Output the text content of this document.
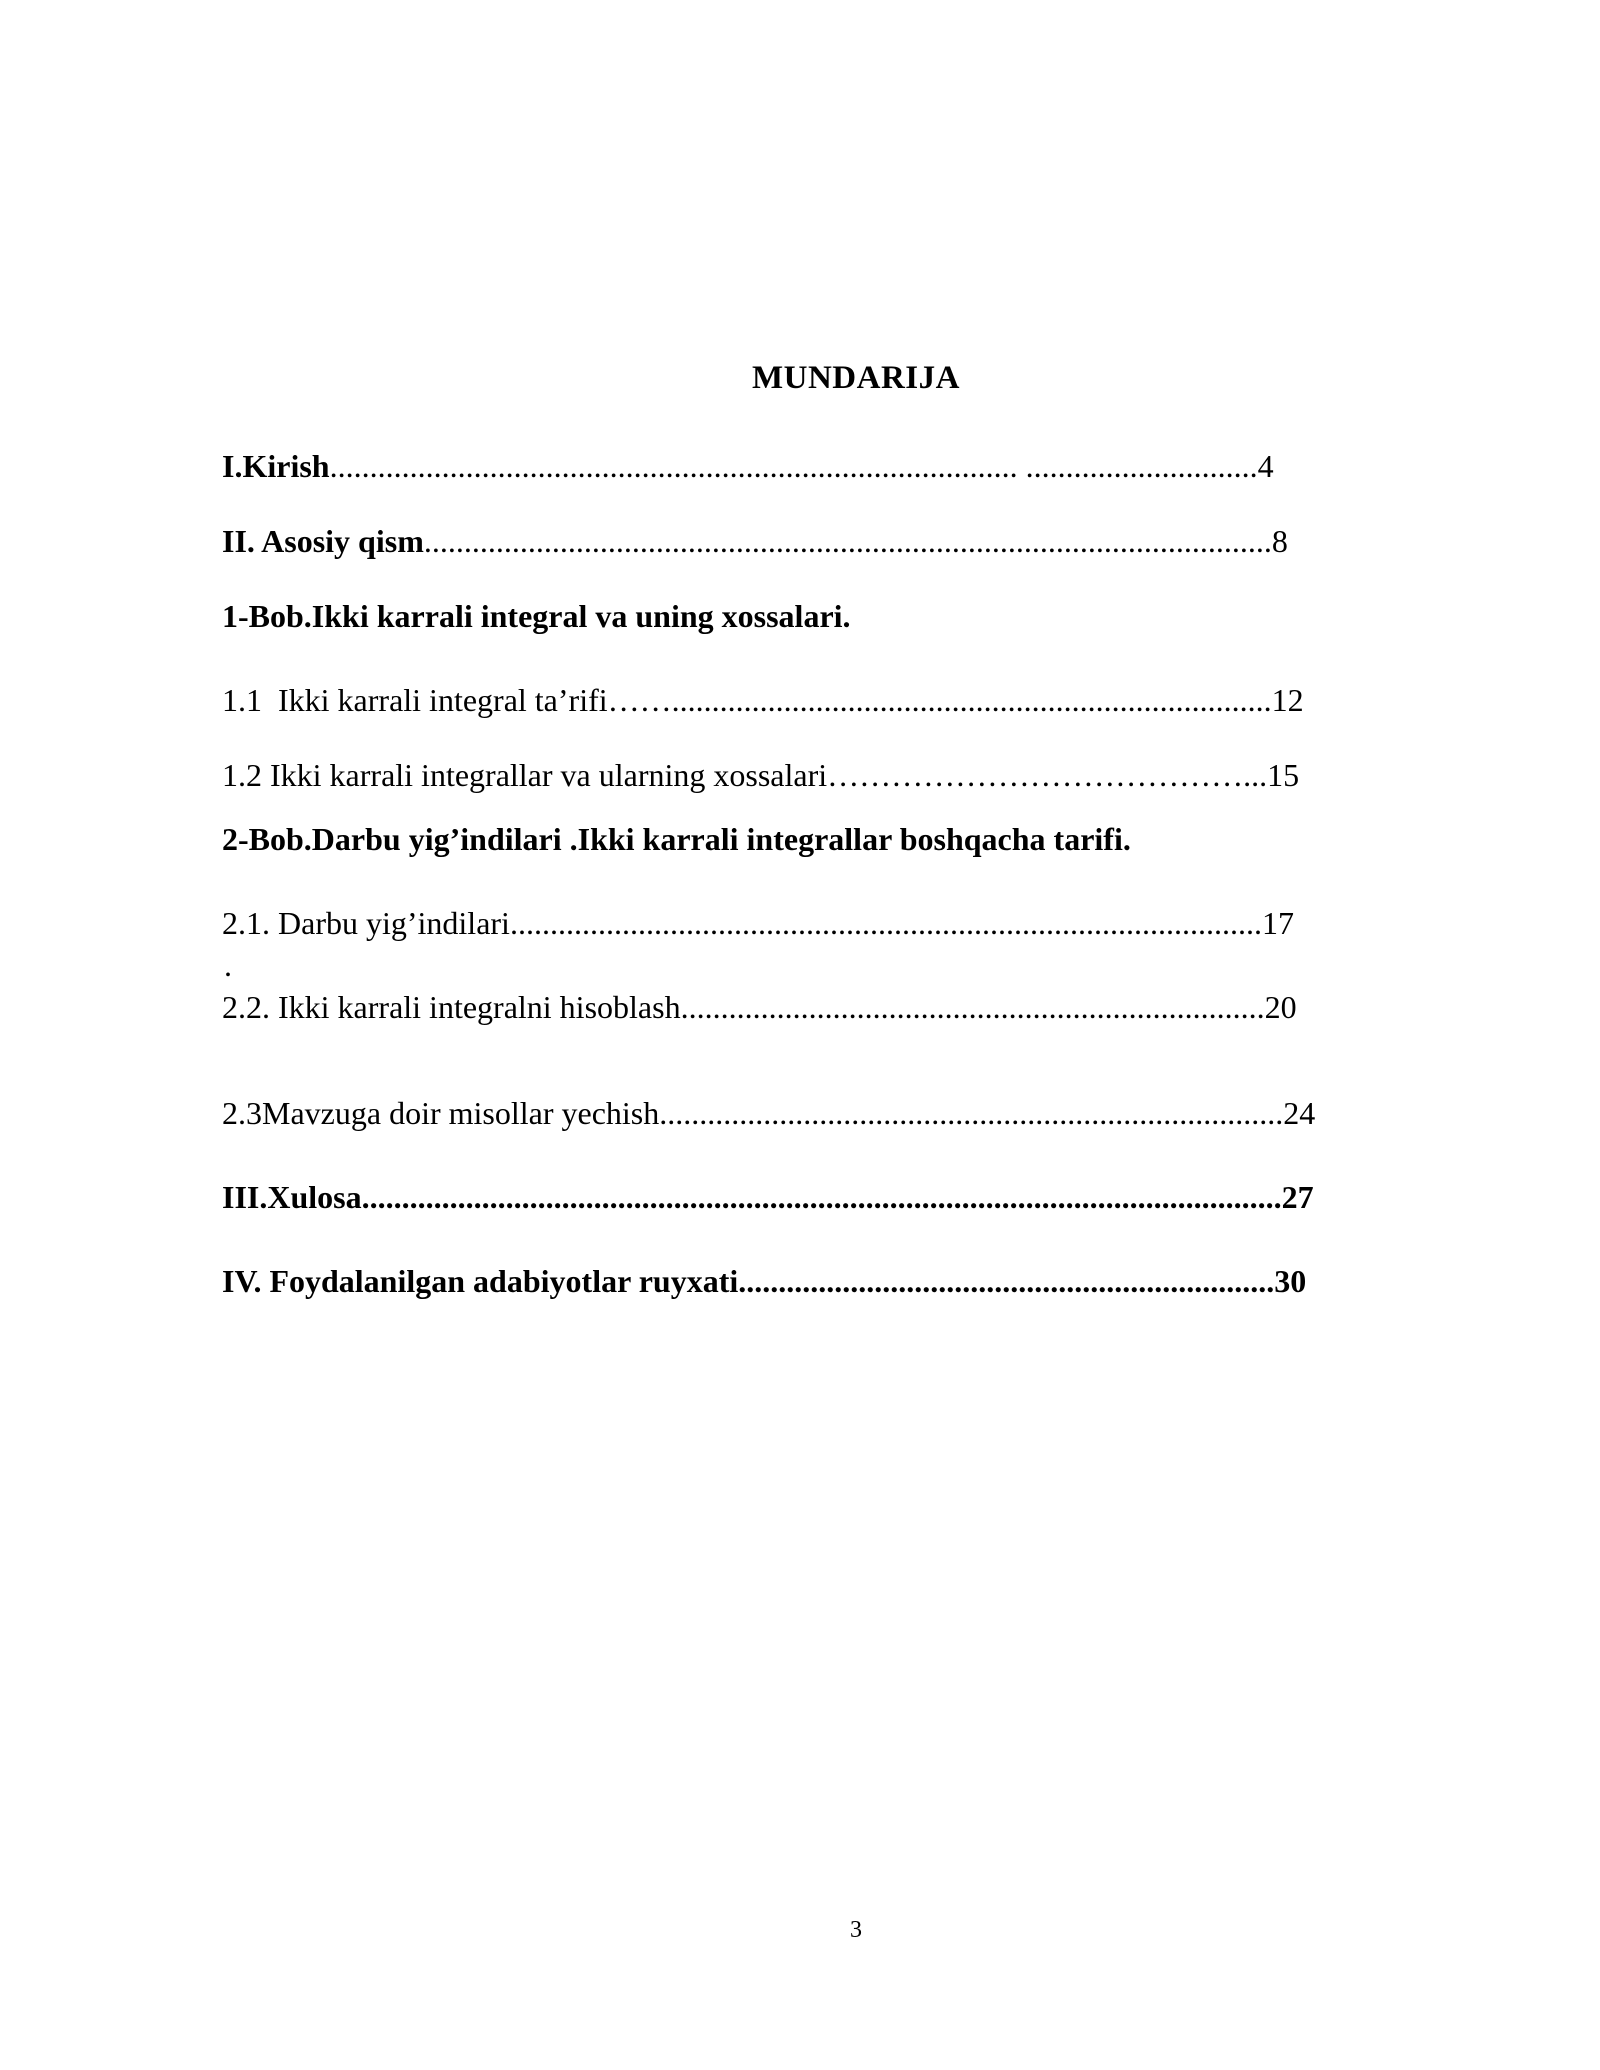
MUNDARIJA
I.Kirish...................................................................................... .............................4
II. Asosiy qism..........................................................................................................8
1-Bob.Ikki karrali integral va uning xossalari.
1.1  Ikki karrali integral ta’rifi……...........................................................................12
1.2 Ikki karrali integrallar va ularning xossalari…………………………………...15
2-Bob.Darbu yig’indilari .Ikki karrali integrallar boshqacha tarifi.
2.1. Darbu yig’indilari..............................................................................................17
.
2.2. Ikki karrali integralni hisoblash.........................................................................20
2.3Mavzuga doir misollar yechish..............................................................................24
III.Xulosa...................................................................................................................27
IV. Foydalanilgan adabiyotlar ruyxati...................................................................30
3
